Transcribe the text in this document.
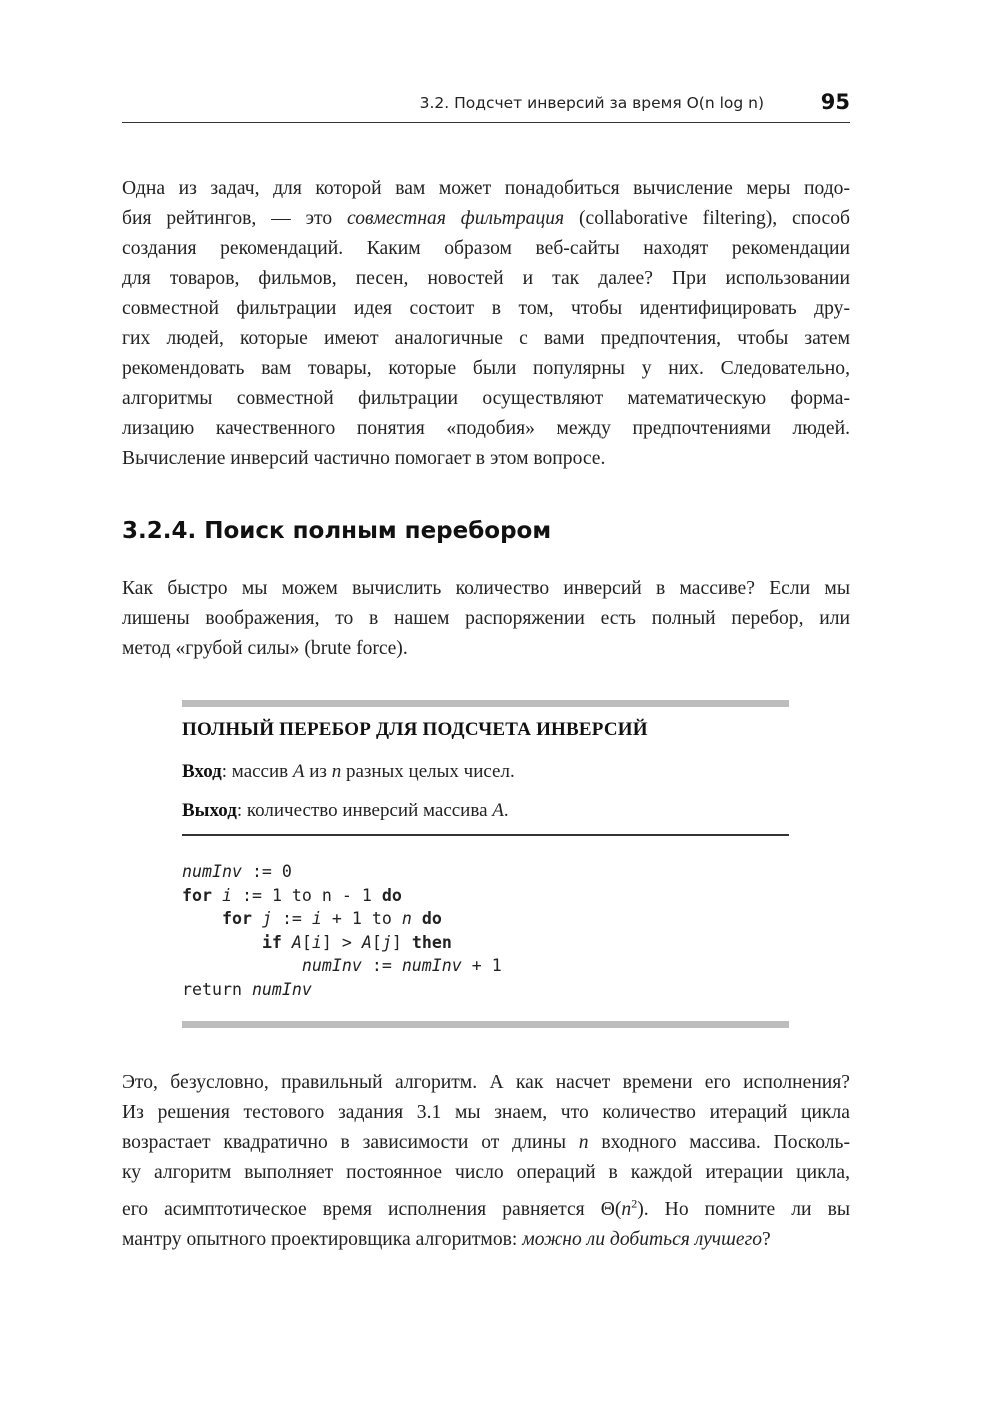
3.2. Подсчет инверсий за время O(n log n)	95

Одна из задач, для которой вам может понадобиться вычисление меры подо-
бия рейтингов, — это совместная фильтрация (collaborative filtering), способ
создания рекомендаций. Каким образом веб-сайты находят рекомендации
для товаров, фильмов, песен, новостей и так далее? При использовании
совместной фильтрации идея состоит в том, чтобы идентифицировать дру-
гих людей, которые имеют аналогичные с вами предпочтения, чтобы затем
рекомендовать вам товары, которые были популярны у них. Следовательно,
алгоритмы совместной фильтрации осуществляют математическую форма-
лизацию качественного понятия «подобия» между предпочтениями людей.
Вычисление инверсий частично помогает в этом вопросе.

3.2.4. Поиск полным перебором

Как быстро мы можем вычислить количество инверсий в массиве? Если мы
лишены воображения, то в нашем распоряжении есть полный перебор, или
метод «грубой силы» (brute force).

ПОЛНЫЙ ПЕРЕБОР ДЛЯ ПОДСЧЕТА ИНВЕРСИЙ
Вход: массив A из n разных целых чисел.
Выход: количество инверсий массива A.
numInv := 0
for i := 1 to n - 1 do
for j := i + 1 to n do
if A[i] > A[j] then
numInv := numInv + 1
return numInv

Это, безусловно, правильный алгоритм. А как насчет времени его исполнения?
Из решения тестового задания 3.1 мы знаем, что количество итераций цикла
возрастает квадратично в зависимости от длины n входного массива. Посколь-
ку алгоритм выполняет постоянное число операций в каждой итерации цикла,
его асимптотическое время исполнения равняется $\Theta(n^2)$. Но помните ли вы
мантру опытного проектировщика алгоритмов: можно ли добиться лучшего?
